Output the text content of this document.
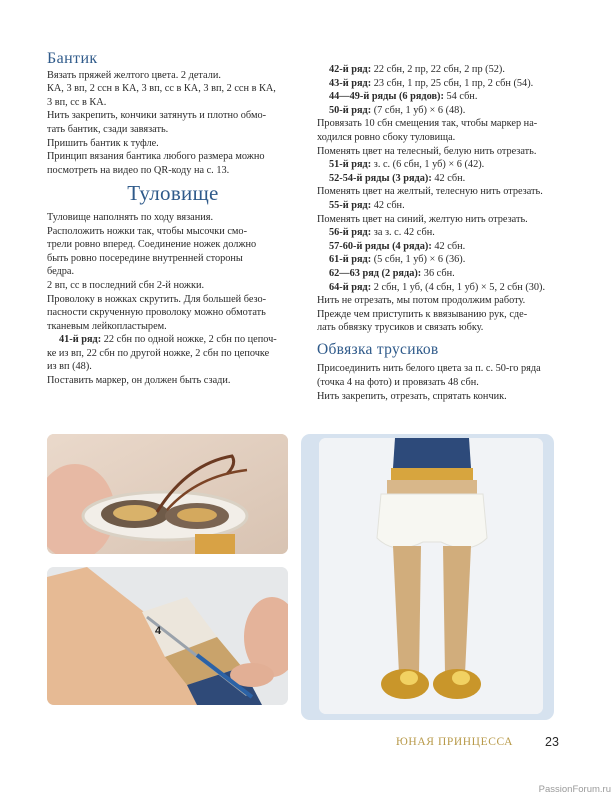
Бантик

Вязать пряжей желтого цвета. 2 детали.

КА, 3 вп, 2 ссн в КА, 3 вп, сс в КА, 3 вп, 2 ссн в КА,

3 вп, сс в КА.

Нить закрепить, кончики затянуть и плотно обмо-

тать бантик, сзади завязать.

Пришить бантик к туфле.

Принцип вязания бантика любого размера можно

посмотреть на видео по QR-коду на с. 13.

Туловище

Туловище наполнять по ходу вязания.

Расположить ножки так, чтобы мысочки смо-

трели ровно вперед. Соединение ножек должно

быть ровно посередине внутренней стороны

бедра.

2 вп, сс в последний сбн 2-й ножки.

Проволоку в ножках скрутить. Для большей безо-

пасности скрученную проволоку можно обмотать

тканевым лейкопластырем.

41-й ряд: 22 сбн по одной ножке, 2 сбн по цепоч-

ке из вп, 22 сбн по другой ножке, 2 сбн по цепочке

из вп (48).

Поставить маркер, он должен быть сзади.

42-й ряд: 22 сбн, 2 пр, 22 сбн, 2 пр (52).

43-й ряд: 23 сбн, 1 пр, 25 сбн, 1 пр, 2 сбн (54).

44—49-й ряды (6 рядов): 54 сбн.

50-й ряд: (7 сбн, 1 уб) × 6 (48).

Провязать 10 сбн смещения так, чтобы маркер на-

ходился ровно сбоку туловища.

Поменять цвет на телесный, белую нить отрезать.

51-й ряд: з. с. (6 сбн, 1 уб) × 6 (42).

52-54-й ряды (3 ряда): 42 сбн.

Поменять цвет на желтый, телесную нить отрезать.

55-й ряд: 42 сбн.

Поменять цвет на синий, желтую нить отрезать.

56-й ряд: за з. с. 42 сбн.

57-60-й ряды (4 ряда): 42 сбн.

61-й ряд: (5 сбн, 1 уб) × 6 (36).

62—63 ряд (2 ряда): 36 сбн.

64-й ряд: 2 сбн, 1 уб, (4 сбн, 1 уб) × 5, 2 сбн (30).

Нить не отрезать, мы потом продолжим работу.

Прежде чем приступить к ввязыванию рук, сде-

лать обвязку трусиков и связать юбку.

Обвязка трусиков

Присоединить нить белого цвета за п. с. 50-го ряда

(точка 4 на фото) и провязать 48 сбн.

Нить закрепить, отрезать, спрятать кончик.

4
ЮНАЯ ПРИНЦЕССА	23
PassionForum.ru
